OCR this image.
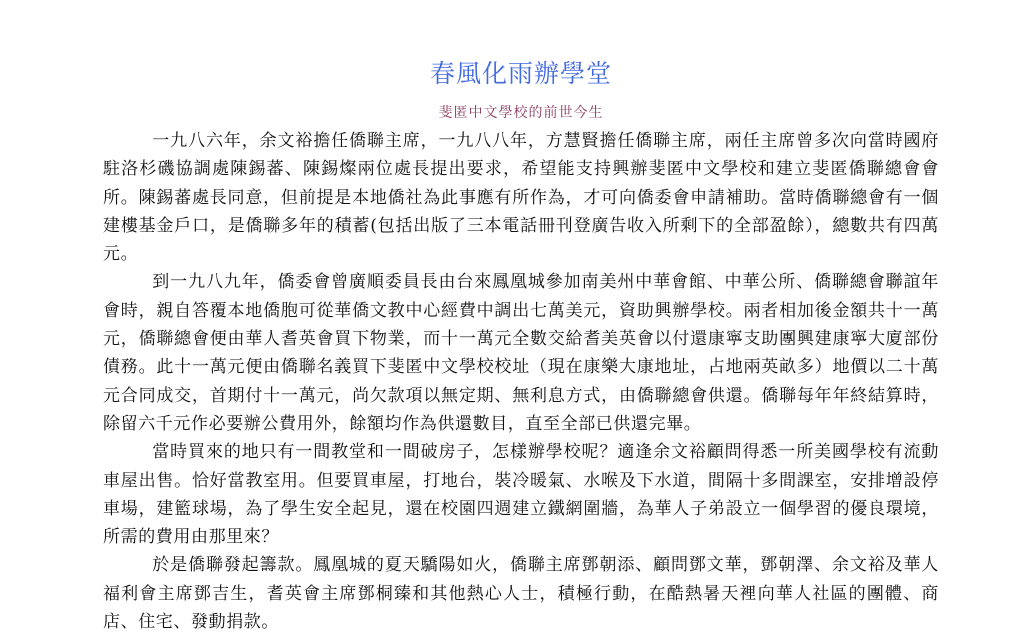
春風化雨辦學堂
斐匿中文學校的前世今生

一九八六年，余文裕擔任僑聯主席，一九八八年，方慧賢擔任僑聯主席，兩任主席曾多次向當時國府駐洛杉磯協調處陳錫蕃、陳錫燦兩位處長提出要求，希望能支持興辦斐匿中文學校和建立斐匿僑聯總會會所。陳錫蕃處長同意，但前提是本地僑社為此事應有所作為，才可向僑委會申請補助。當時僑聯總會有一個建樓基金戶口，是僑聯多年的積蓄(包括出版了三本電話冊刊登廣告收入所剩下的全部盈餘），總數共有四萬元。

到一九八九年，僑委會曾廣順委員長由台來鳳凰城參加南美州中華會館、中華公所、僑聯總會聯誼年會時，親自答覆本地僑胞可從華僑文教中心經費中調出七萬美元，資助興辦學校。兩者相加後金額共十一萬元，僑聯總會便由華人耆英會買下物業，而十一萬元全數交給耆美英會以付還康寧支助團興建康寧大廈部份債務。此十一萬元便由僑聯名義買下斐匿中文學校校址（現在康樂大康地址，占地兩英畝多）地價以二十萬元合同成交，首期付十一萬元，尚欠款項以無定期、無利息方式，由僑聯總會供還。僑聯每年年終結算時，除留六千元作必要辦公費用外，餘額均作為供還數目，直至全部已供還完畢。

當時買來的地只有一間教堂和一間破房子，怎樣辦學校呢？適逢余文裕顧問得悉一所美國學校有流動車屋出售。恰好當教室用。但要買車屋，打地台，裝冷暖氣、水喉及下水道，間隔十多間課室，安排增設停車場，建籃球場，為了學生安全起見，還在校園四週建立鐵網圍牆，為華人子弟設立一個學習的優良環境，所需的費用由那里來？

於是僑聯發起籌款。鳳凰城的夏天驕陽如火，僑聯主席鄧朝添、顧問鄧文華，鄧朝澤、余文裕及華人福利會主席鄧吉生，耆英會主席鄧桐臻和其他熱心人士，積極行動，在酷熱暑天裡向華人社區的團體、商店、住宅、發動捐款。
